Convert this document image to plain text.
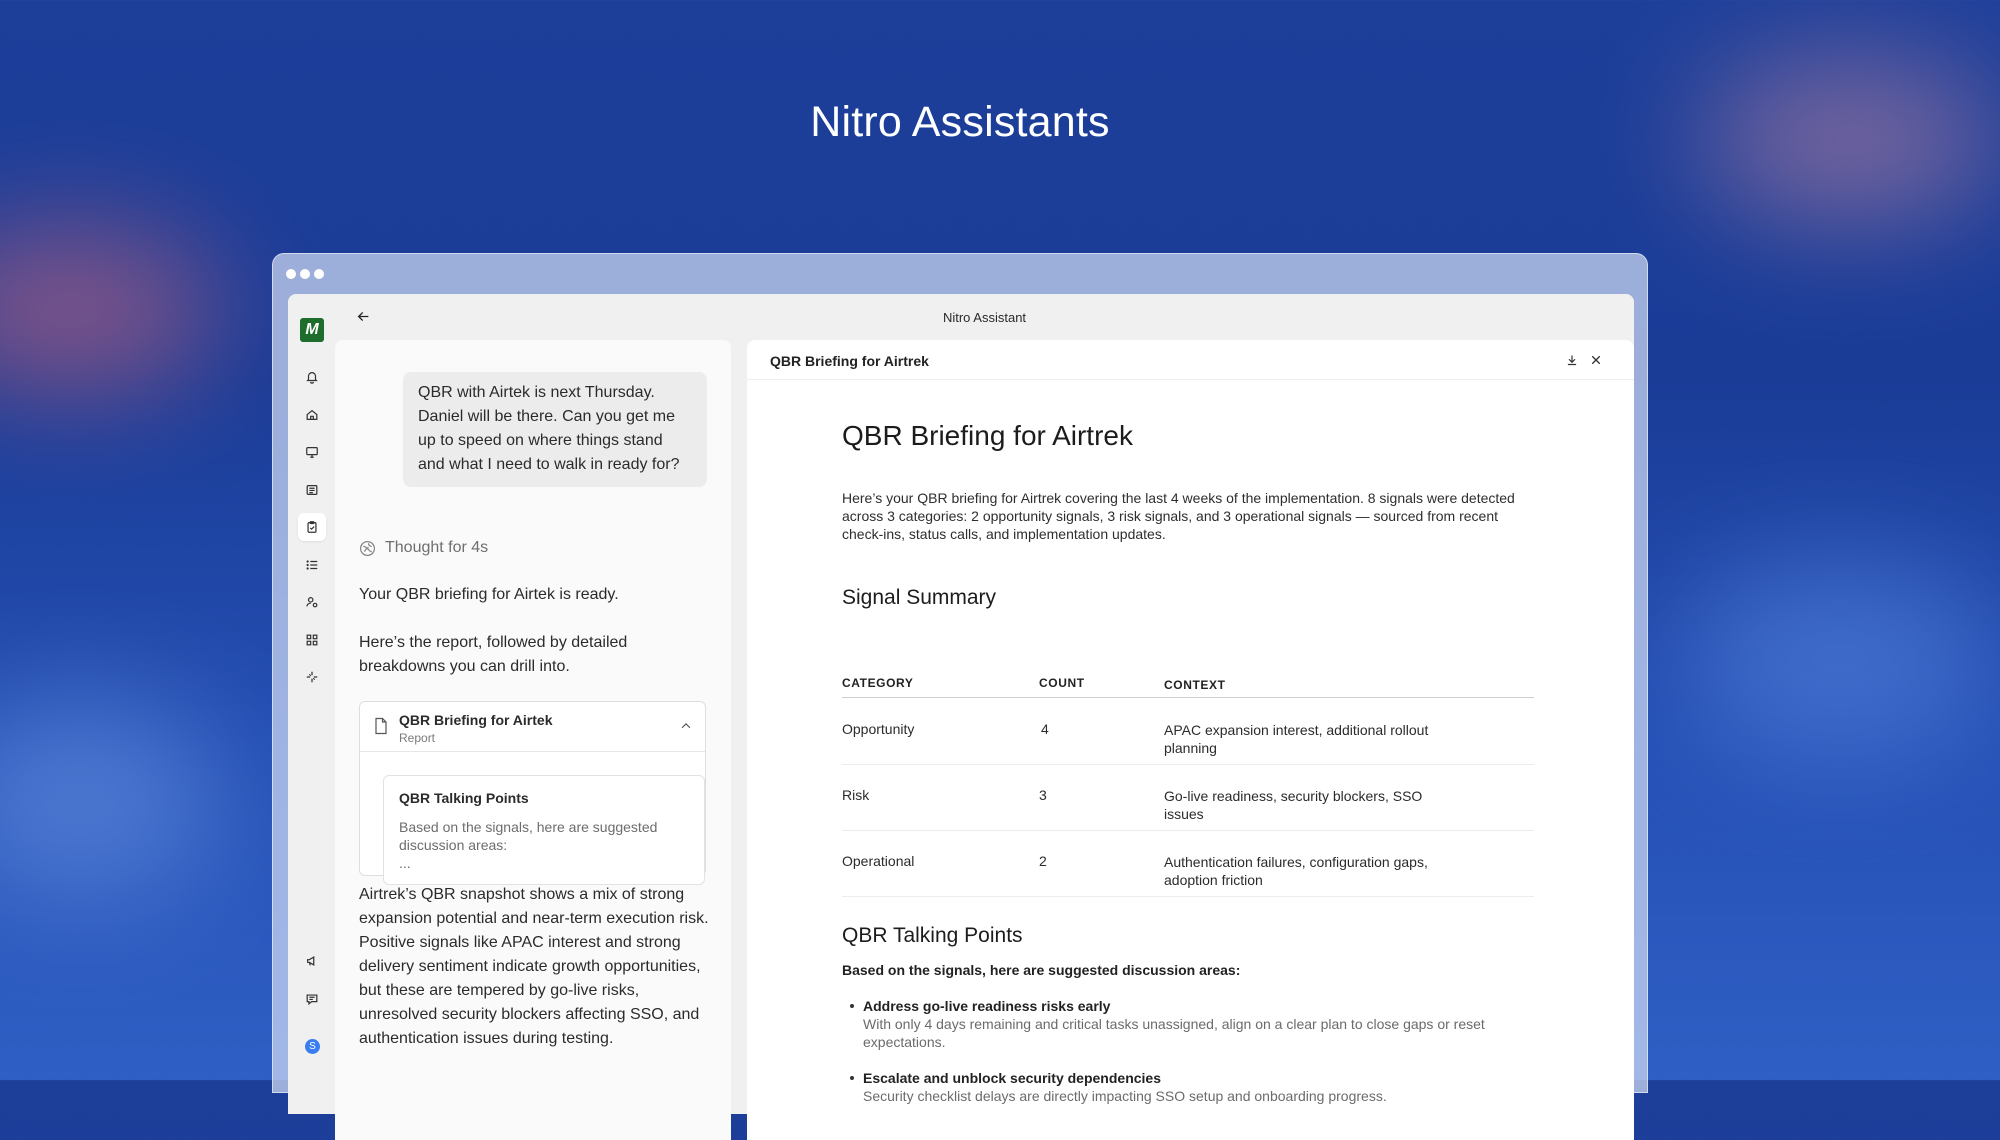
Nitro Assistants
M
S
Nitro Assistant
QBR with Airtek is next Thursday. Daniel will be there. Can you get me up to speed on where things stand and what I need to walk in ready for?
Thought for 4s
Your QBR briefing for Airtek is ready.
Here’s the report, followed by detailed breakdowns you can drill into.
QBR Briefing for Airtek
Report
QBR Talking Points
Based on the signals, here are suggested discussion areas:
...
Airtrek’s QBR snapshot shows a mix of strong expansion potential and near-term execution risk. Positive signals like APAC interest and strong delivery sentiment indicate growth opportunities, but these are tempered by go-live risks, unresolved security blockers affecting SSO, and authentication issues during testing.
QBR Briefing for Airtrek
QBR Briefing for Airtrek
Here’s your QBR briefing for Airtrek covering the last 4 weeks of the implementation. 8 signals were detected across 3 categories: 2 opportunity signals, 3 risk signals, and 3 operational signals — sourced from recent check-ins, status calls, and implementation updates.
Signal Summary
CATEGORY	COUNT	CONTEXT
Opportunity	4	APAC expansion interest, additional rollout planning
Risk	3	Go-live readiness, security blockers, SSO issues
Operational	2	Authentication failures, configuration gaps, adoption friction
QBR Talking Points
Based on the signals, here are suggested discussion areas:
Address go-live readiness risks early
With only 4 days remaining and critical tasks unassigned, align on a clear plan to close gaps or reset expectations.
Escalate and unblock security dependencies
Security checklist delays are directly impacting SSO setup and onboarding progress.
